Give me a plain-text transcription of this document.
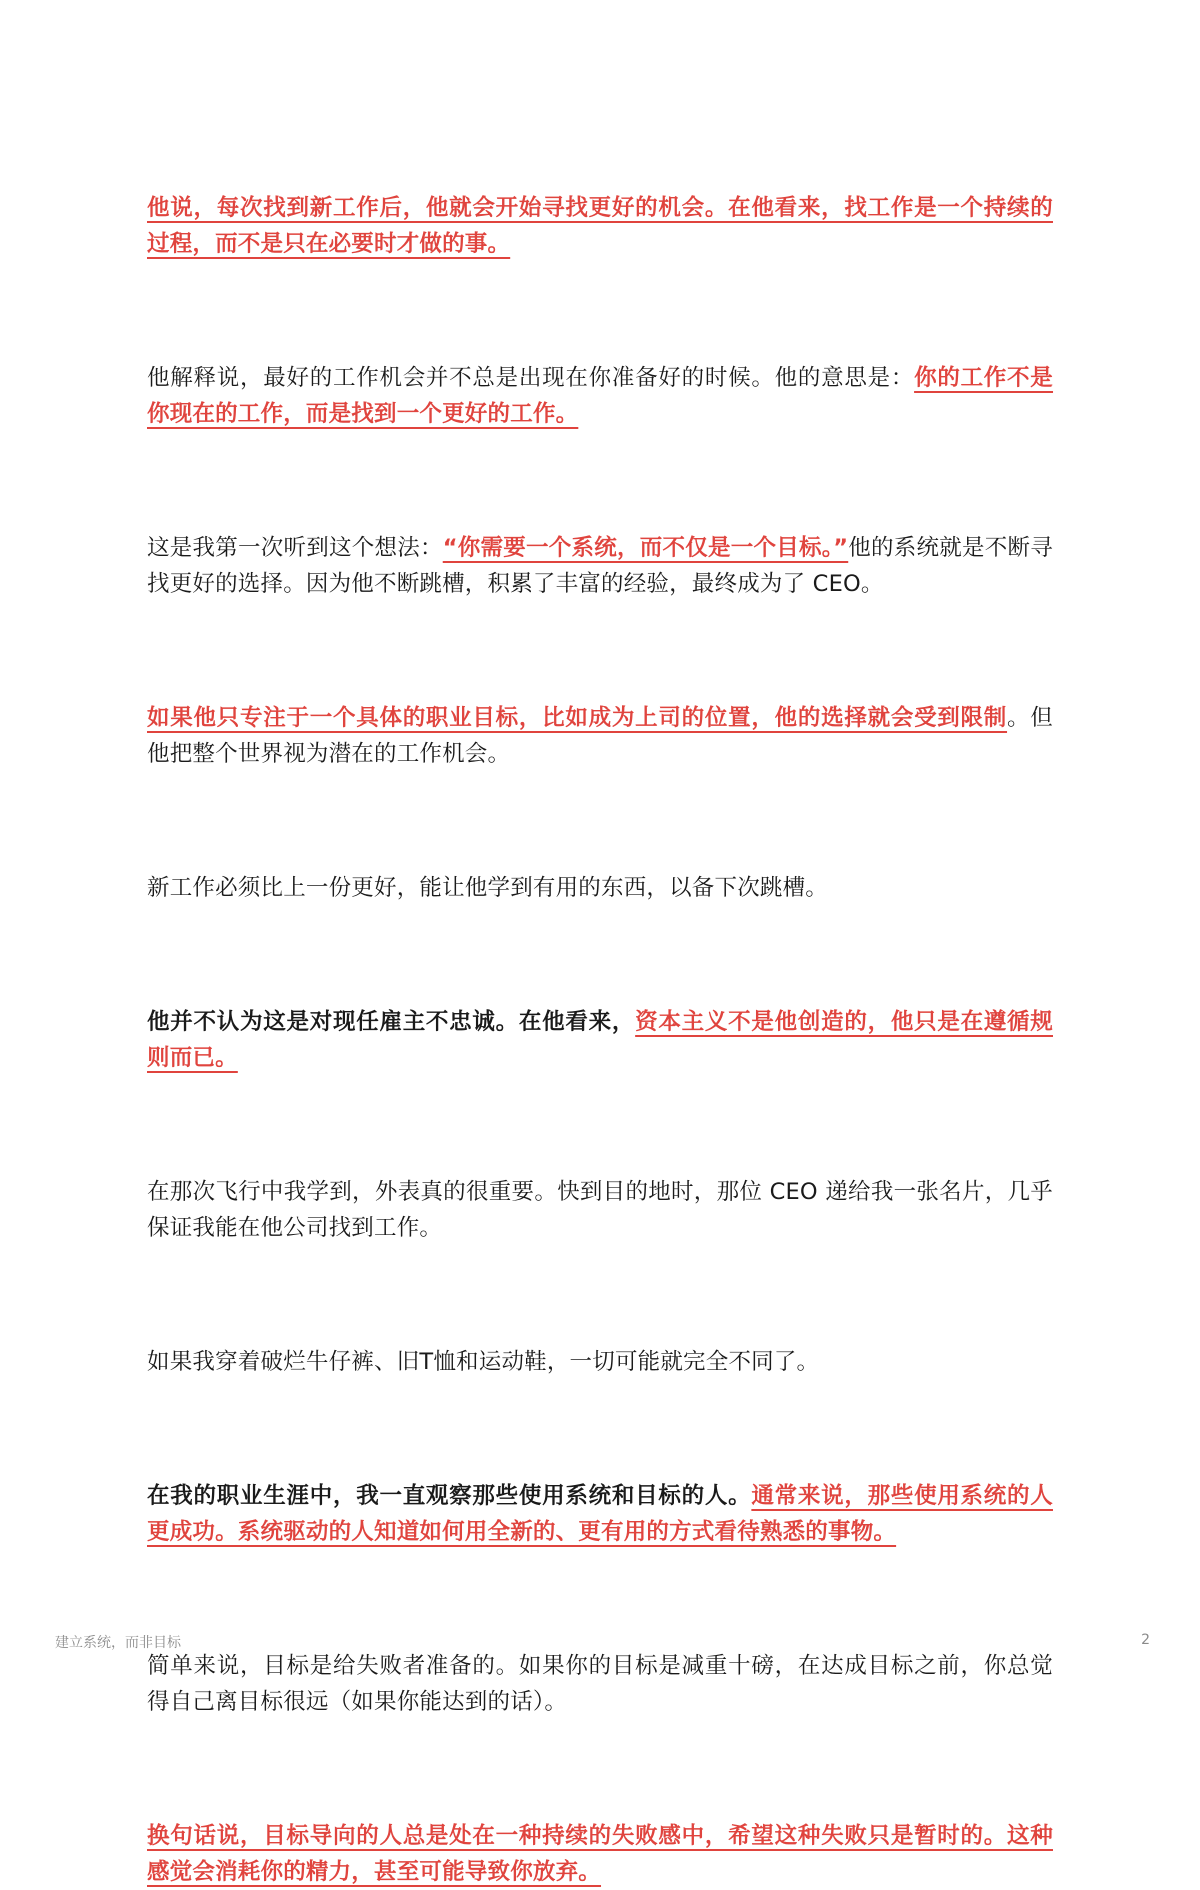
他说，每次找到新工作后，他就会开始寻找更好的机会。在他看来，找工作是一个持续的过程，而不是只在必要时才做的事。

他解释说，最好的工作机会并不总是出现在你准备好的时候。他的意思是：你的工作不是你现在的工作，而是找到一个更好的工作。

这是我第一次听到这个想法：“你需要一个系统，而不仅是一个目标。”他的系统就是不断寻找更好的选择。因为他不断跳槽，积累了丰富的经验，最终成为了 CEO。

如果他只专注于一个具体的职业目标，比如成为上司的位置，他的选择就会受到限制。但他把整个世界视为潜在的工作机会。

新工作必须比上一份更好，能让他学到有用的东西，以备下次跳槽。

他并不认为这是对现任雇主不忠诚。在他看来，资本主义不是他创造的，他只是在遵循规则而已。

在那次飞行中我学到，外表真的很重要。快到目的地时，那位 CEO 递给我一张名片，几乎保证我能在他公司找到工作。

如果我穿着破烂牛仔裤、旧T恤和运动鞋，一切可能就完全不同了。

在我的职业生涯中，我一直观察那些使用系统和目标的人。通常来说，那些使用系统的人更成功。系统驱动的人知道如何用全新的、更有用的方式看待熟悉的事物。

简单来说，目标是给失败者准备的。如果你的目标是减重十磅，在达成目标之前，你总觉得自己离目标很远（如果你能达到的话）。

换句话说，目标导向的人总是处在一种持续的失败感中，希望这种失败只是暂时的。这种感觉会消耗你的精力，甚至可能导致你放弃。

建立系统，而非目标	2
